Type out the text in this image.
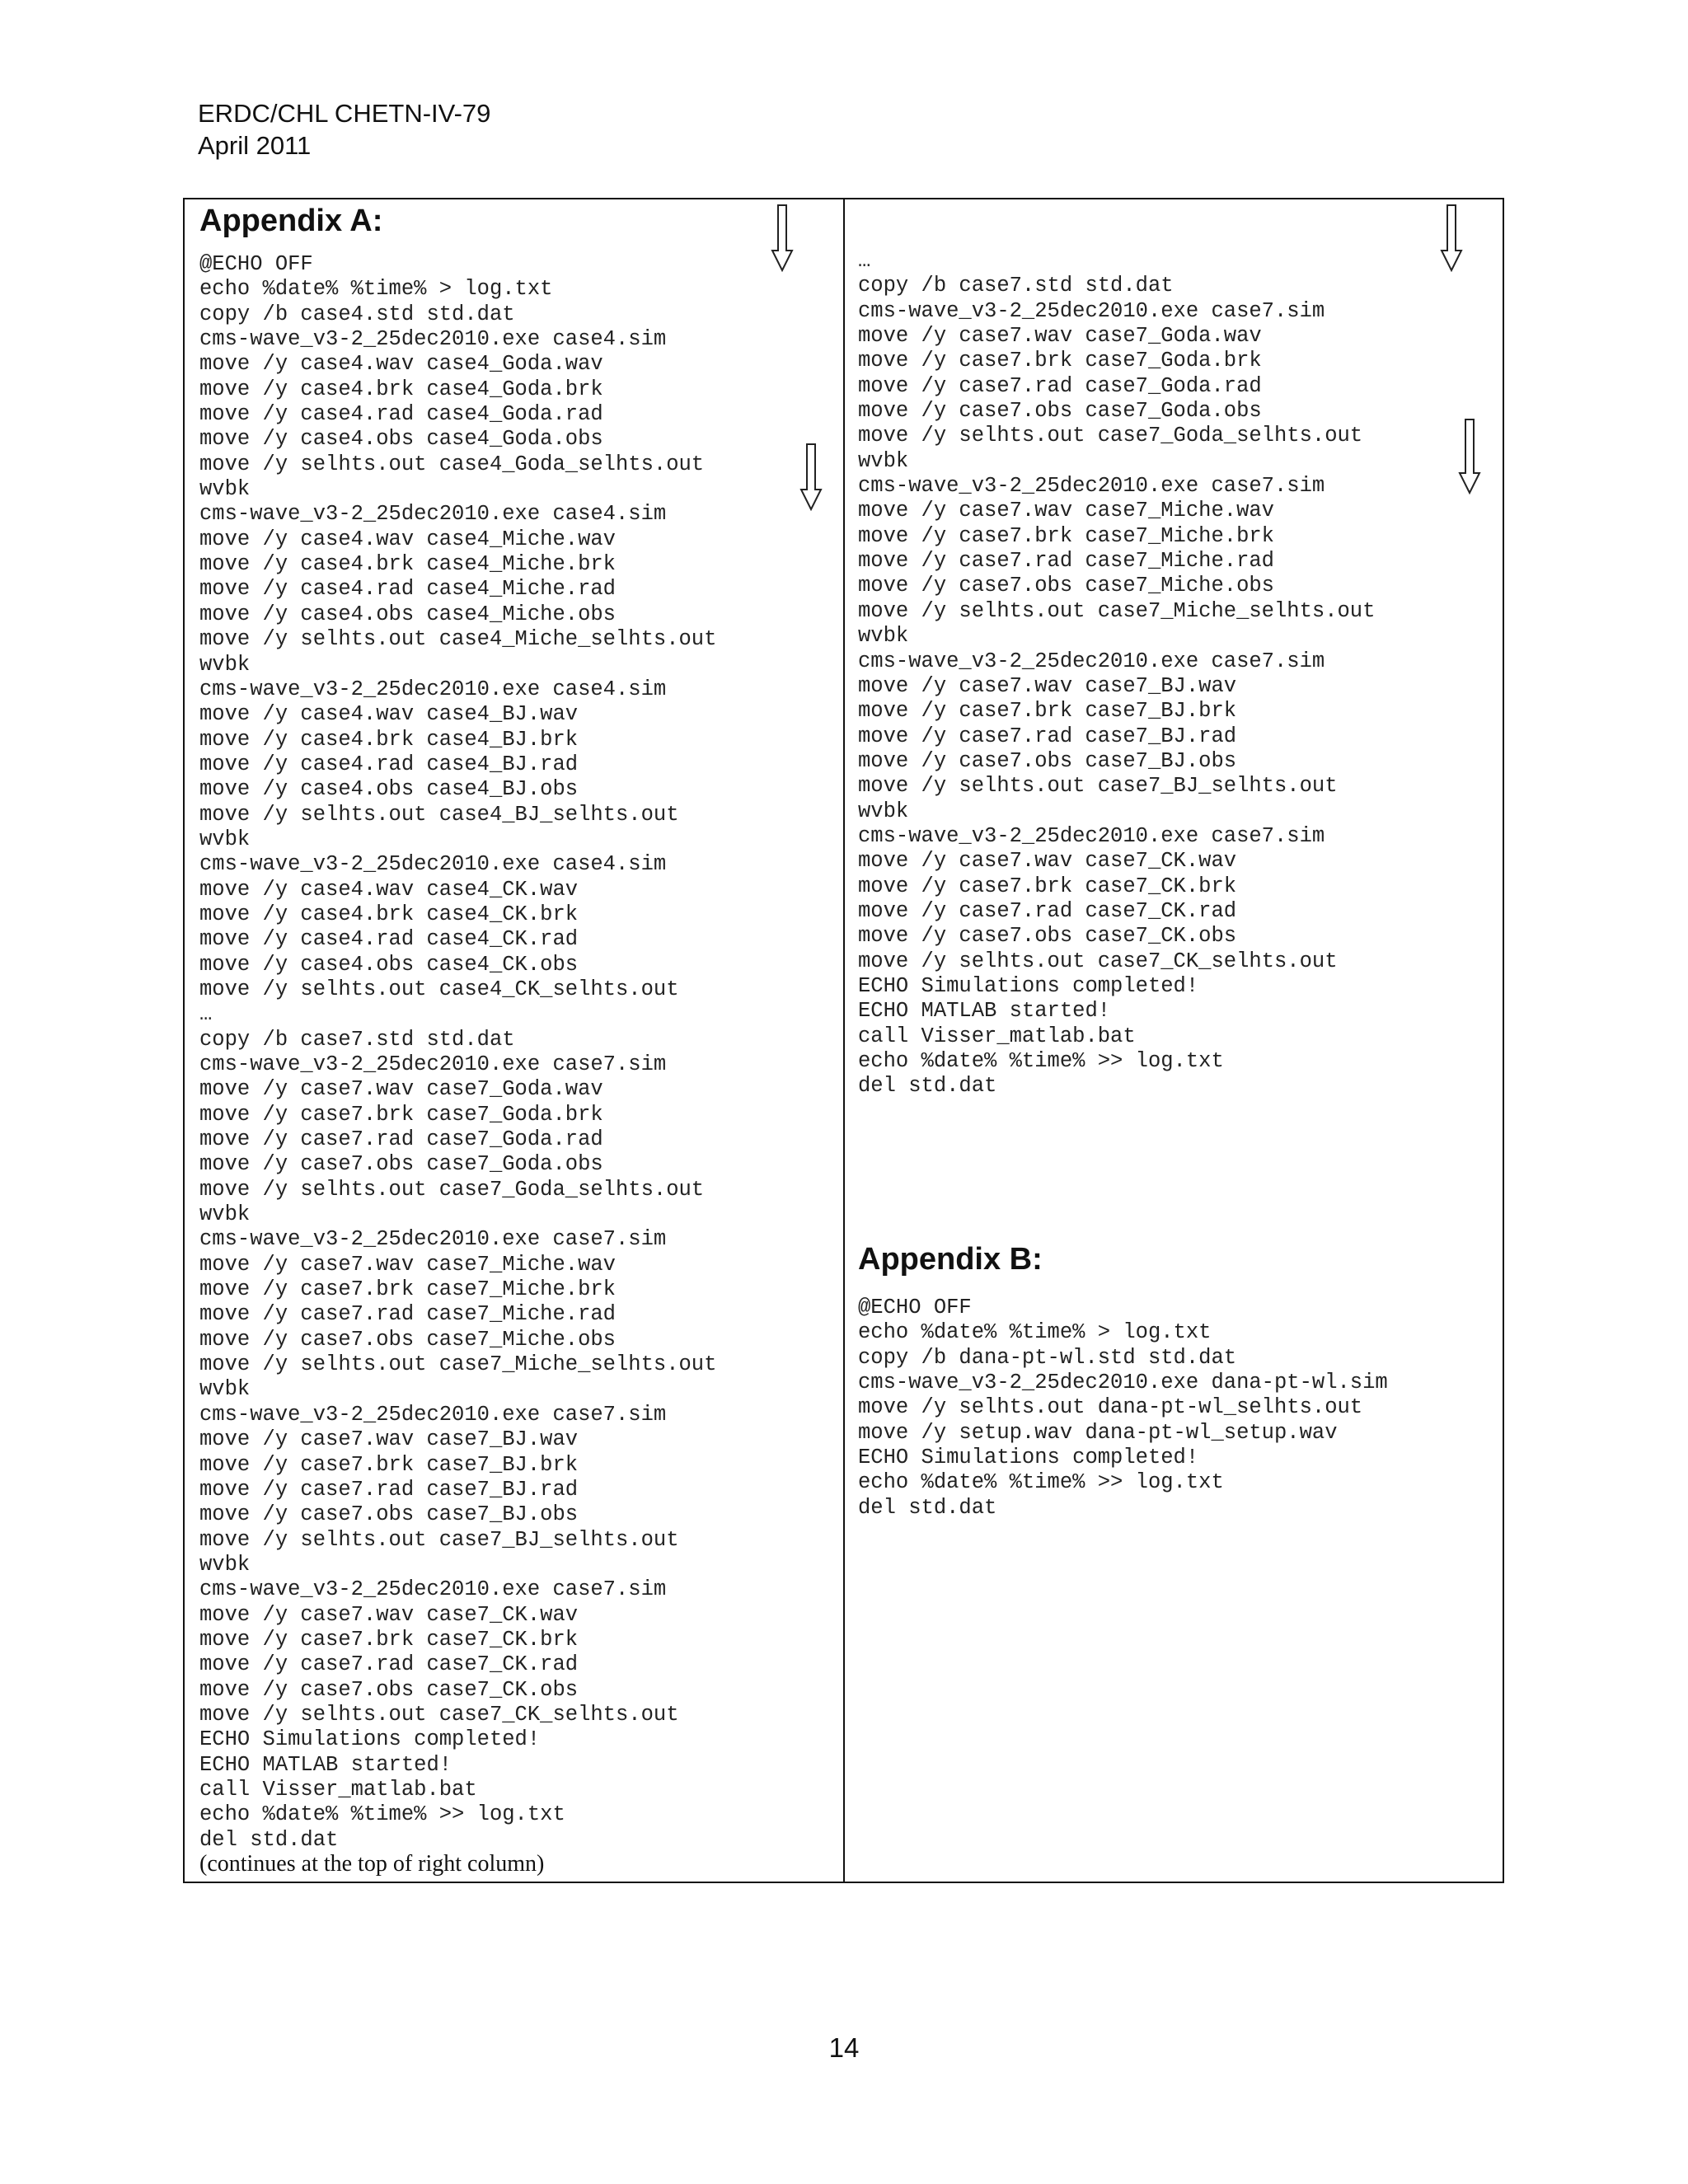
ERDC/CHL CHETN-IV-79
April 2011
Appendix A:
@ECHO OFF
echo %date% %time% > log.txt
copy /b case4.std std.dat
cms-wave_v3-2_25dec2010.exe case4.sim
move /y case4.wav case4_Goda.wav
move /y case4.brk case4_Goda.brk
move /y case4.rad case4_Goda.rad
move /y case4.obs case4_Goda.obs
move /y selhts.out case4_Goda_selhts.out
wvbk
cms-wave_v3-2_25dec2010.exe case4.sim
move /y case4.wav case4_Miche.wav
move /y case4.brk case4_Miche.brk
move /y case4.rad case4_Miche.rad
move /y case4.obs case4_Miche.obs
move /y selhts.out case4_Miche_selhts.out
wvbk
cms-wave_v3-2_25dec2010.exe case4.sim
move /y case4.wav case4_BJ.wav
move /y case4.brk case4_BJ.brk
move /y case4.rad case4_BJ.rad
move /y case4.obs case4_BJ.obs
move /y selhts.out case4_BJ_selhts.out
wvbk
cms-wave_v3-2_25dec2010.exe case4.sim
move /y case4.wav case4_CK.wav
move /y case4.brk case4_CK.brk
move /y case4.rad case4_CK.rad
move /y case4.obs case4_CK.obs
move /y selhts.out case4_CK_selhts.out
…
copy /b case7.std std.dat
cms-wave_v3-2_25dec2010.exe case7.sim
move /y case7.wav case7_Goda.wav
move /y case7.brk case7_Goda.brk
move /y case7.rad case7_Goda.rad
move /y case7.obs case7_Goda.obs
move /y selhts.out case7_Goda_selhts.out
wvbk
cms-wave_v3-2_25dec2010.exe case7.sim
move /y case7.wav case7_Miche.wav
move /y case7.brk case7_Miche.brk
move /y case7.rad case7_Miche.rad
move /y case7.obs case7_Miche.obs
move /y selhts.out case7_Miche_selhts.out
wvbk
cms-wave_v3-2_25dec2010.exe case7.sim
move /y case7.wav case7_BJ.wav
move /y case7.brk case7_BJ.brk
move /y case7.rad case7_BJ.rad
move /y case7.obs case7_BJ.obs
move /y selhts.out case7_BJ_selhts.out
wvbk
cms-wave_v3-2_25dec2010.exe case7.sim
move /y case7.wav case7_CK.wav
move /y case7.brk case7_CK.brk
move /y case7.rad case7_CK.rad
move /y case7.obs case7_CK.obs
move /y selhts.out case7_CK_selhts.out
ECHO Simulations completed!
ECHO MATLAB started!
call Visser_matlab.bat
echo %date% %time% >> log.txt
del std.dat
(continues at the top of right column)
…
copy /b case7.std std.dat
cms-wave_v3-2_25dec2010.exe case7.sim
move /y case7.wav case7_Goda.wav
move /y case7.brk case7_Goda.brk
move /y case7.rad case7_Goda.rad
move /y case7.obs case7_Goda.obs
move /y selhts.out case7_Goda_selhts.out
wvbk
cms-wave_v3-2_25dec2010.exe case7.sim
move /y case7.wav case7_Miche.wav
move /y case7.brk case7_Miche.brk
move /y case7.rad case7_Miche.rad
move /y case7.obs case7_Miche.obs
move /y selhts.out case7_Miche_selhts.out
wvbk
cms-wave_v3-2_25dec2010.exe case7.sim
move /y case7.wav case7_BJ.wav
move /y case7.brk case7_BJ.brk
move /y case7.rad case7_BJ.rad
move /y case7.obs case7_BJ.obs
move /y selhts.out case7_BJ_selhts.out
wvbk
cms-wave_v3-2_25dec2010.exe case7.sim
move /y case7.wav case7_CK.wav
move /y case7.brk case7_CK.brk
move /y case7.rad case7_CK.rad
move /y case7.obs case7_CK.obs
move /y selhts.out case7_CK_selhts.out
ECHO Simulations completed!
ECHO MATLAB started!
call Visser_matlab.bat
echo %date% %time% >> log.txt
del std.dat
Appendix B:
@ECHO OFF
echo %date% %time% > log.txt
copy /b dana-pt-wl.std std.dat
cms-wave_v3-2_25dec2010.exe dana-pt-wl.sim
move /y selhts.out dana-pt-wl_selhts.out
move /y setup.wav dana-pt-wl_setup.wav
ECHO Simulations completed!
echo %date% %time% >> log.txt
del std.dat
14
